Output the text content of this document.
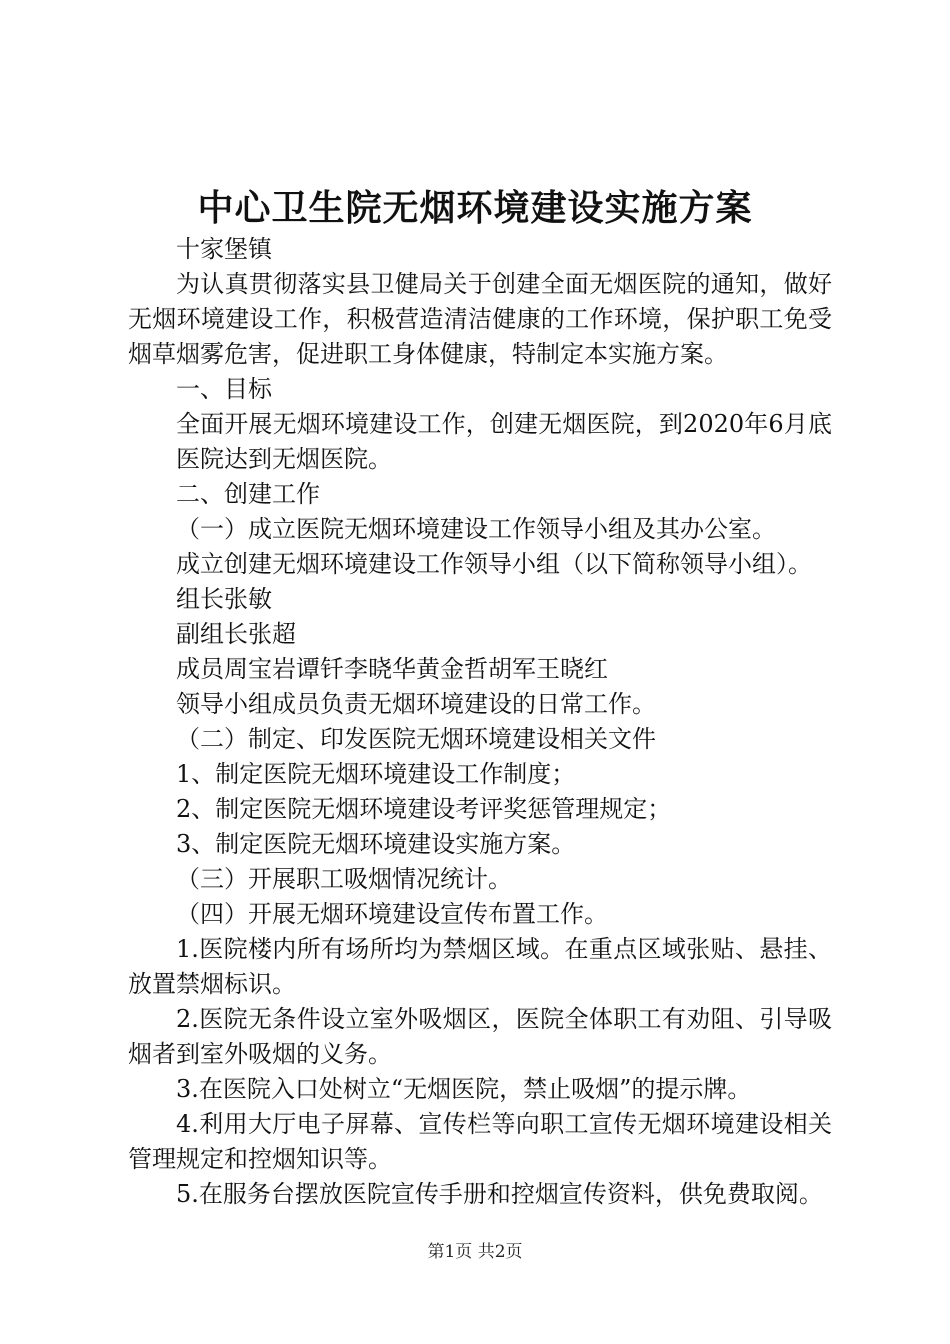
中心卫生院无烟环境建设实施方案

十家堡镇

为认真贯彻落实县卫健局关于创建全面无烟医院的通知，做好无烟环境建设工作，积极营造清洁健康的工作环境，保护职工免受烟草烟雾危害，促进职工身体健康，特制定本实施方案。

一、目标

全面开展无烟环境建设工作，创建无烟医院，到2020年6月底医院达到无烟医院。

二、创建工作

（一）成立医院无烟环境建设工作领导小组及其办公室。

成立创建无烟环境建设工作领导小组（以下简称领导小组）。

组长张敏

副组长张超

成员周宝岩谭钎李晓华黄金哲胡军王晓红

领导小组成员负责无烟环境建设的日常工作。

（二）制定、印发医院无烟环境建设相关文件

1、制定医院无烟环境建设工作制度；

2、制定医院无烟环境建设考评奖惩管理规定；

3、制定医院无烟环境建设实施方案。

（三）开展职工吸烟情况统计。

（四）开展无烟环境建设宣传布置工作。

1.医院楼内所有场所均为禁烟区域。在重点区域张贴、悬挂、放置禁烟标识。

2.医院无条件设立室外吸烟区，医院全体职工有劝阻、引导吸烟者到室外吸烟的义务。

3.在医院入口处树立“无烟医院，禁止吸烟”的提示牌。

4.利用大厅电子屏幕、宣传栏等向职工宣传无烟环境建设相关管理规定和控烟知识等。

5.在服务台摆放医院宣传手册和控烟宣传资料，供免费取阅。

第1页 共2页
